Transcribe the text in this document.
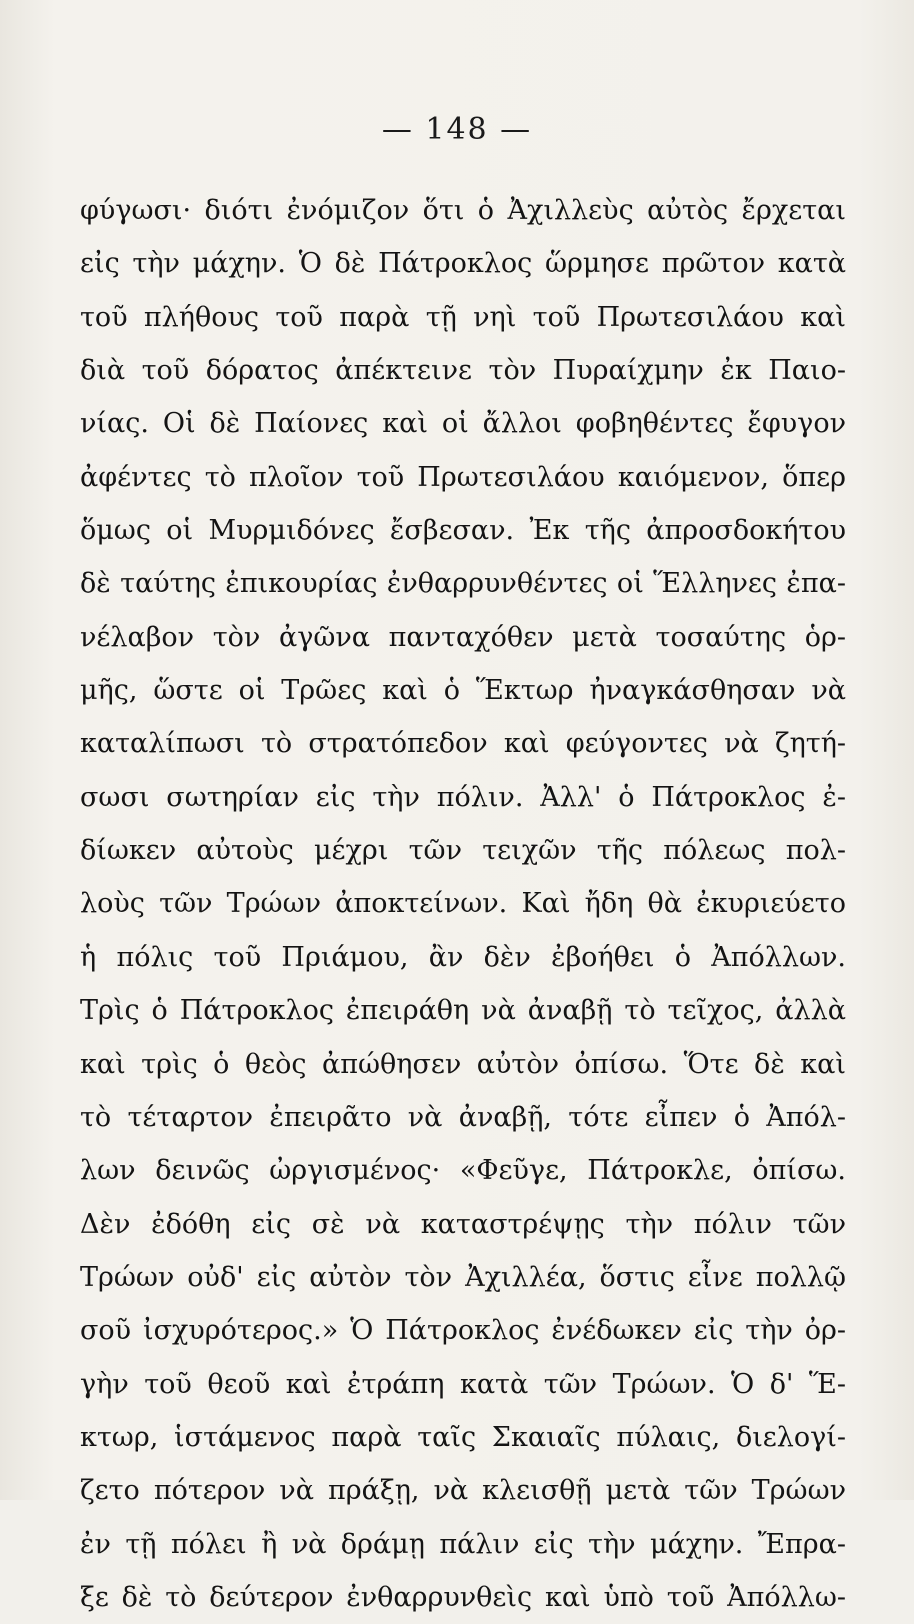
— 148 —
φύγωσι· διότι ἐνόμιζον ὅτι ὁ Ἀχιλλεὺς αὐτὸς ἔρχεται
εἰς τὴν μάχην. Ὁ δὲ Πάτροκλος ὥρμησε πρῶτον κατὰ
τοῦ πλήθους τοῦ παρὰ τῇ νηὶ τοῦ Πρωτεσιλάου καὶ
διὰ τοῦ δόρατος ἀπέκτεινε τὸν Πυραίχμην ἐκ Παιο-
νίας. Οἱ δὲ Παίονες καὶ οἱ ἄλλοι φοβηθέντες ἔφυγον
ἀφέντες τὸ πλοῖον τοῦ Πρωτεσιλάου καιόμενον, ὅπερ
ὅμως οἱ Μυρμιδόνες ἔσβεσαν. Ἐκ τῆς ἀπροσδοκήτου
δὲ ταύτης ἐπικουρίας ἐνθαρρυνθέντες οἱ Ἕλληνες ἐπα-
νέλαβον τὸν ἀγῶνα πανταχόθεν μετὰ τοσαύτης ὁρ-
μῆς, ὥστε οἱ Τρῶες καὶ ὁ Ἕκτωρ ἠναγκάσθησαν νὰ
καταλίπωσι τὸ στρατόπεδον καὶ φεύγοντες νὰ ζητή-
σωσι σωτηρίαν εἰς τὴν πόλιν. Ἀλλ' ὁ Πάτροκλος ἐ-
δίωκεν αὐτοὺς μέχρι τῶν τειχῶν τῆς πόλεως πολ-
λοὺς τῶν Τρώων ἀποκτείνων. Καὶ ἤδη θὰ ἐκυριεύετο
ἡ πόλις τοῦ Πριάμου, ἂν δὲν ἐβοήθει ὁ Ἀπόλλων.
Τρὶς ὁ Πάτροκλος ἐπειράθη νὰ ἀναβῇ τὸ τεῖχος, ἀλλὰ
καὶ τρὶς ὁ θεὸς ἀπώθησεν αὐτὸν ὀπίσω. Ὅτε δὲ καὶ
τὸ τέταρτον ἐπειρᾶτο νὰ ἀναβῇ, τότε εἶπεν ὁ Ἀπόλ-
λων δεινῶς ὠργισμένος· «Φεῦγε, Πάτροκλε, ὀπίσω.
Δὲν ἐδόθη εἰς σὲ νὰ καταστρέψῃς τὴν πόλιν τῶν
Τρώων οὐδ' εἰς αὐτὸν τὸν Ἀχιλλέα, ὅστις εἶνε πολλῷ
σοῦ ἰσχυρότερος.» Ὁ Πάτροκλος ἐνέδωκεν εἰς τὴν ὀρ-
γὴν τοῦ θεοῦ καὶ ἐτράπη κατὰ τῶν Τρώων. Ὁ δ' Ἕ-
κτωρ, ἱστάμενος παρὰ ταῖς Σκαιαῖς πύλαις, διελογί-
ζετο πότερον νὰ πράξῃ, νὰ κλεισθῇ μετὰ τῶν Τρώων
ἐν τῇ πόλει ἢ νὰ δράμῃ πάλιν εἰς τὴν μάχην. Ἔπρα-
ξε δὲ τὸ δεύτερον ἐνθαρρυνθεὶς καὶ ὑπὸ τοῦ Ἀπόλλω-
